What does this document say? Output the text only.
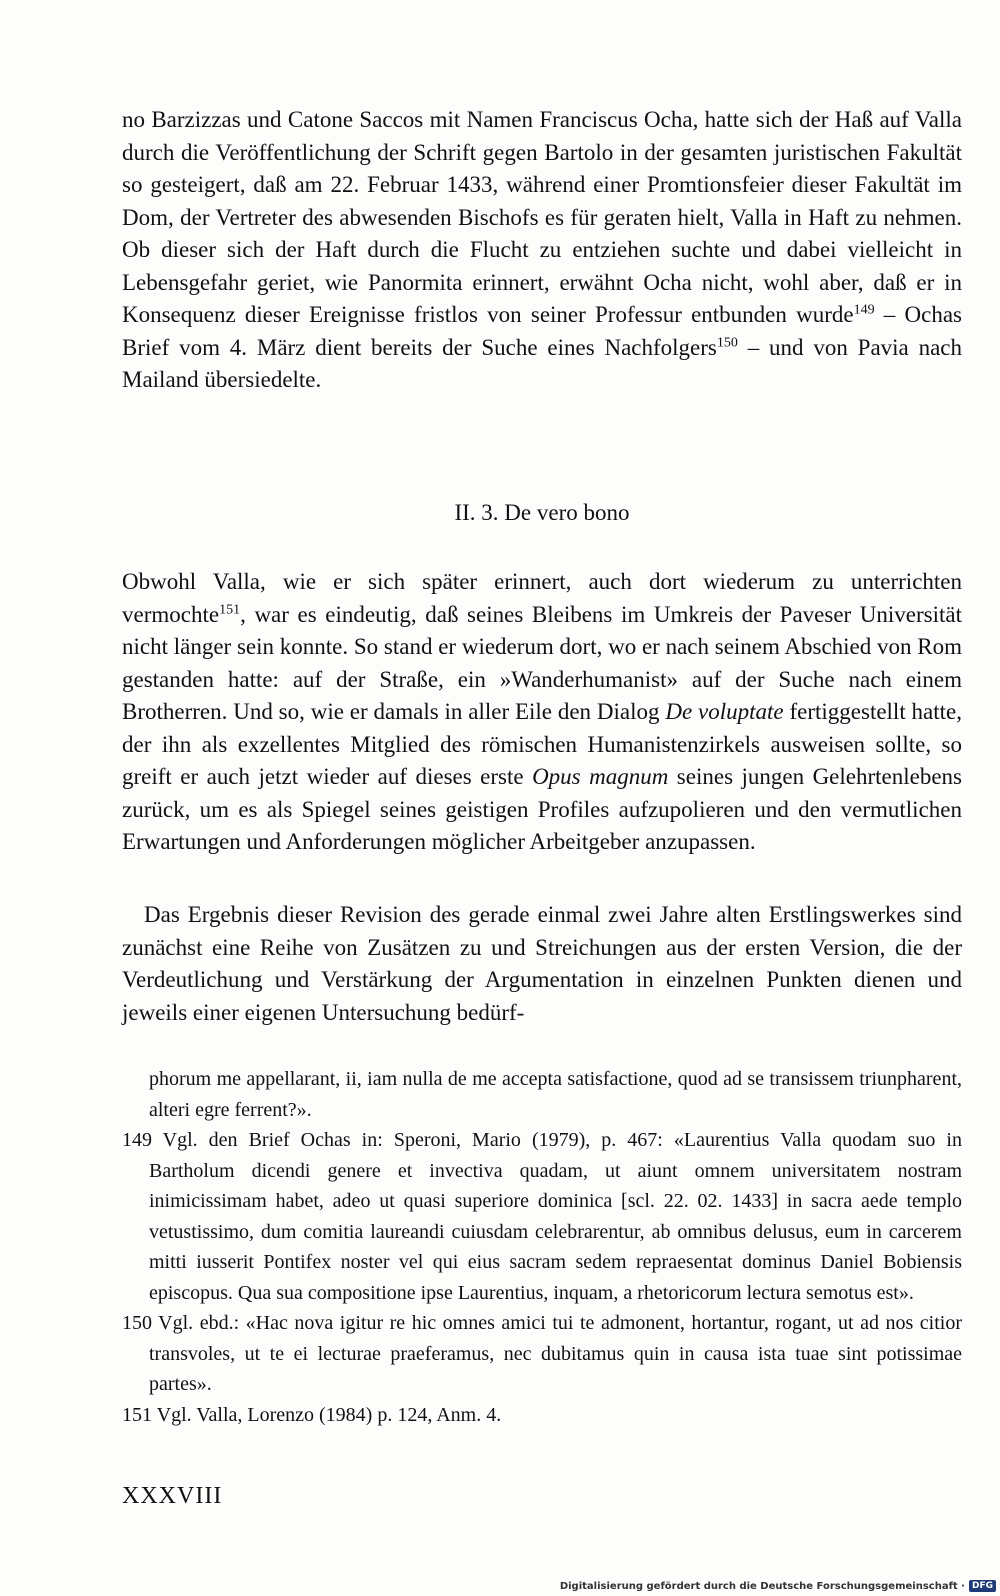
no Barzizzas und Catone Saccos mit Namen Franciscus Ocha, hatte sich der Haß auf Valla durch die Veröffentlichung der Schrift gegen Bartolo in der gesamten juristischen Fakultät so gesteigert, daß am 22. Februar 1433, während einer Promtionsfeier dieser Fakultät im Dom, der Vertreter des abwesenden Bischofs es für geraten hielt, Valla in Haft zu nehmen. Ob dieser sich der Haft durch die Flucht zu entziehen suchte und dabei vielleicht in Lebensgefahr geriet, wie Panormita erinnert, erwähnt Ocha nicht, wohl aber, daß er in Konsequenz dieser Ereignisse fristlos von seiner Professur entbunden wurde$^{149}$ – Ochas Brief vom 4. März dient bereits der Suche eines Nachfolgers$^{150}$ – und von Pavia nach Mailand übersiedelte.

II. 3. De vero bono

Obwohl Valla, wie er sich später erinnert, auch dort wiederum zu unterrichten vermochte$^{151}$, war es eindeutig, daß seines Bleibens im Umkreis der Paveser Universität nicht länger sein konnte. So stand er wiederum dort, wo er nach seinem Abschied von Rom gestanden hatte: auf der Straße, ein »Wanderhumanist» auf der Suche nach einem Brotherren. Und so, wie er damals in aller Eile den Dialog De voluptate fertiggestellt hatte, der ihn als exzellentes Mitglied des römischen Humanistenzirkels ausweisen sollte, so greift er auch jetzt wieder auf dieses erste Opus magnum seines jungen Gelehrtenlebens zurück, um es als Spiegel seines geistigen Profiles aufzupolieren und den vermutlichen Erwartungen und Anforderungen möglicher Arbeitgeber anzupassen.

Das Ergebnis dieser Revision des gerade einmal zwei Jahre alten Erstlingswerkes sind zunächst eine Reihe von Zusätzen zu und Streichungen aus der ersten Version, die der Verdeutlichung und Verstärkung der Argumentation in einzelnen Punkten dienen und jeweils einer eigenen Untersuchung bedürf-

phorum me appellarant, ii, iam nulla de me accepta satisfactione, quod ad se transissem triunpharent, alteri egre ferrent?».

149 Vgl. den Brief Ochas in: Speroni, Mario (1979), p. 467: «Laurentius Valla quodam suo in Bartholum dicendi genere et invectiva quadam, ut aiunt omnem universitatem nostram inimicissimam habet, adeo ut quasi superiore dominica [scl. 22. 02. 1433] in sacra aede templo vetustissimo, dum comitia laureandi cuiusdam celebrarentur, ab omnibus delusus, eum in carcerem mitti iusserit Pontifex noster vel qui eius sacram sedem repraesentat dominus Daniel Bobiensis episcopus. Qua sua compositione ipse Laurentius, inquam, a rhetoricorum lectura semotus est».

150 Vgl. ebd.: «Hac nova igitur re hic omnes amici tui te admonent, hortantur, rogant, ut ad nos citior transvoles, ut te ei lecturae praeferamus, nec dubitamus quin in causa ista tuae sint potissimae partes».

151 Vgl. Valla, Lorenzo (1984) p. 124, Anm. 4.

XXXVIII
Digitalisierung gefördert durch die Deutsche Forschungsgemeinschaft · DFG
